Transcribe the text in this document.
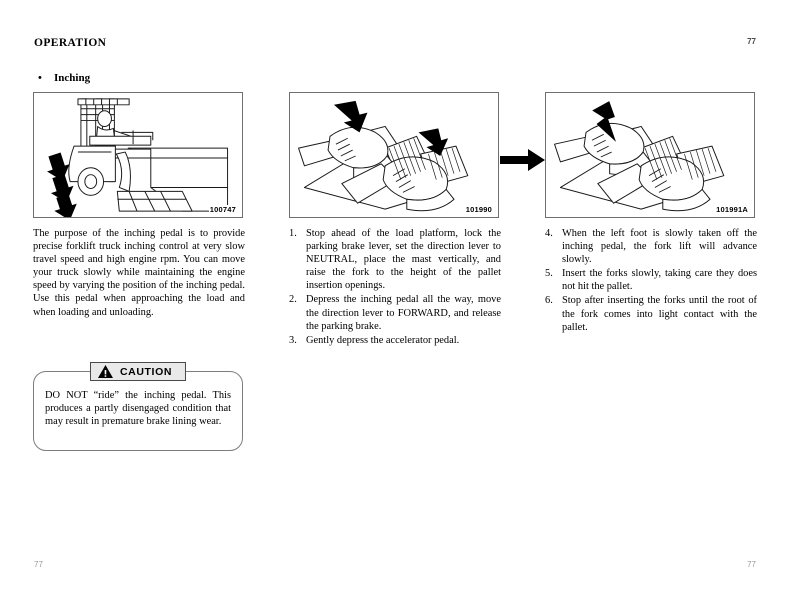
OPERATION	77
• Inching
100747

The purpose of the inching pedal is to provide precise forklift truck inching control at very slow travel speed and high engine rpm. You can move your truck slowly while maintaining the engine speed by varying the position of the inching pedal. Use this pedal when approaching the load and when loading and unloading.

101990
1. Stop ahead of the load platform, lock the parking brake lever, set the direction lever to NEUTRAL, place the mast vertically, and raise the fork to the height of the pallet insertion openings.
2. Depress the inching pedal all the way, move the direction lever to FORWARD, and release the parking brake.
3. Gently depress the accelerator pedal.
101991A
4. When the left foot is slowly taken off the inching pedal, the fork lift will advance slowly.
5. Insert the forks slowly, taking care they does not hit the pallet.
6. Stop after inserting the forks until the root of the fork comes into light contact with the pallet.
CAUTION

DO NOT “ride” the inching pedal. This produces a partly disengaged condition that may result in premature brake lining wear.

77	77
